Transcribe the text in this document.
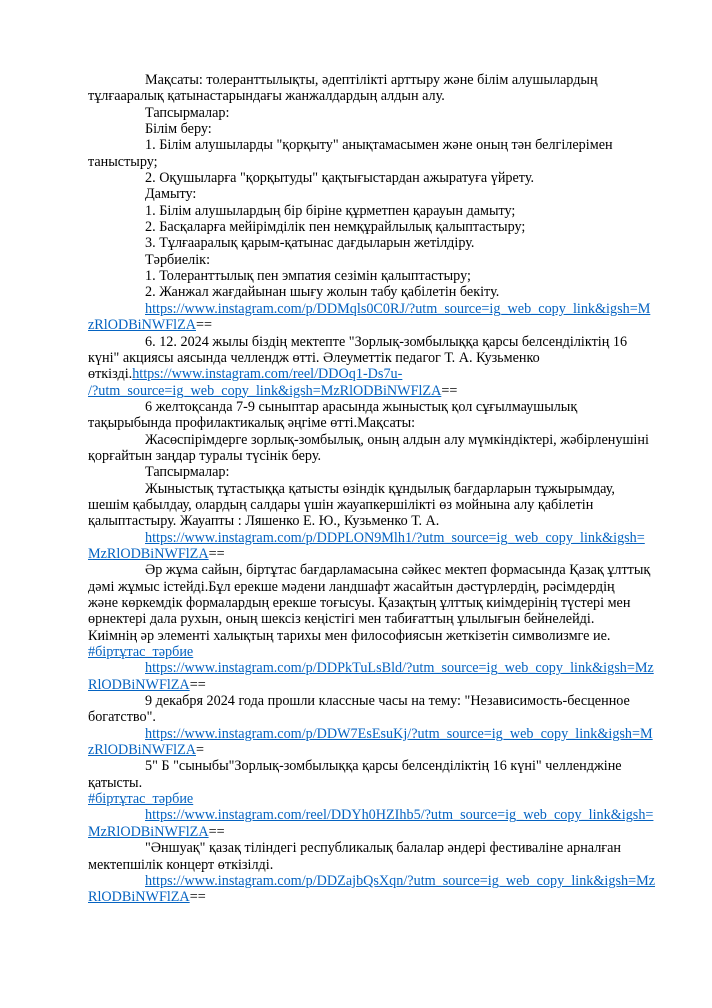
Мақсаты: толеранттылықты, әдептілікті арттыру және білім алушылардың
тұлғааралық қатынастарындағы жанжалдардың алдын алу.
Тапсырмалар:
Білім беру:
1. Білім алушыларды "қорқыту" анықтамасымен және оның тән белгілерімен
таныстыру;
2. Оқушыларға "қорқытуды" қақтығыстардан ажыратуға үйрету.
Дамыту:
1. Білім алушылардың бір біріне құрметпен қарауын дамыту;
2. Басқаларға мейірімділік пен немқұрайлылық қалыптастыру;
3. Тұлғааралық қарым-қатынас дағдыларын жетілдіру.
Тәрбиелік:
1. Толеранттылық пен эмпатия сезімін қалыптастыру;
2. Жанжал жағдайынан шығу жолын табу қабілетін бекіту.
https://www.instagram.com/p/DDMqls0C0RJ/?utm_source=ig_web_copy_link&igsh=M
zRlODBiNWFlZA==
6. 12. 2024 жылы біздің мектепте "Зорлық-зомбылыққа қарсы белсенділіктің 16
күні" акциясы аясында челлендж өтті. Әлеуметтік педагог Т. А. Кузьменко
өткізді.https://www.instagram.com/reel/DDOq1-Ds7u-
/?utm_source=ig_web_copy_link&igsh=MzRlODBiNWFlZA==
6 желтоқсанда 7-9 сыныптар арасында жыныстық қол сұғылмаушылық
тақырыбында профилактикалық әңгіме өтті.Мақсаты:
Жасөспірімдерге зорлық-зомбылық, оның алдын алу мүмкіндіктері, жәбірленушіні
қорғайтын заңдар туралы түсінік беру.
Тапсырмалар:
Жыныстық тұтастыққа қатысты өзіндік құндылық бағдарларын тұжырымдау,
шешім қабылдау, олардың салдары үшін жауапкершілікті өз мойнына алу қабілетін
қалыптастыру. Жауапты : Ляшенко Е. Ю., Кузьменко Т. А.
https://www.instagram.com/p/DDPLON9Mlh1/?utm_source=ig_web_copy_link&igsh=
MzRlODBiNWFlZA==
Әр жұма сайын, біртұтас бағдарламасына сәйкес мектеп формасында Қазақ ұлттық
дәмі жұмыс істейді.Бұл ерекше мәдени ландшафт жасайтын дәстүрлердің, рәсімдердің
және көркемдік формалардың ерекше тоғысуы. Қазақтың ұлттық киімдерінің түстері мен
өрнектері дала рухын, оның шексіз кеңістігі мен табиғаттың ұлылығын бейнелейді.
Киімнің әр элементі халықтың тарихы мен философиясын жеткізетін символизмге ие.
#біртұтас_тәрбие
https://www.instagram.com/p/DDPkTuLsBld/?utm_source=ig_web_copy_link&igsh=Mz
RlODBiNWFlZA==
9 декабря 2024 года прошли классные часы на тему: "Независимость-бесценное
богатство".
https://www.instagram.com/p/DDW7EsEsuKj/?utm_source=ig_web_copy_link&igsh=M
zRlODBiNWFlZA=
5" Б "сыныбы"Зорлық-зомбылыққа қарсы белсенділіктің 16 күні" челленджіне
қатысты.
#біртұтас_тәрбие
https://www.instagram.com/reel/DDYh0HZIhb5/?utm_source=ig_web_copy_link&igsh=
MzRlODBiNWFlZA==
"Әншуақ" қазақ тіліндегі республикалық балалар әндері фестиваліне арналған
мектепшілік концерт өткізілді.
https://www.instagram.com/p/DDZajbQsXqn/?utm_source=ig_web_copy_link&igsh=Mz
RlODBiNWFlZA==
